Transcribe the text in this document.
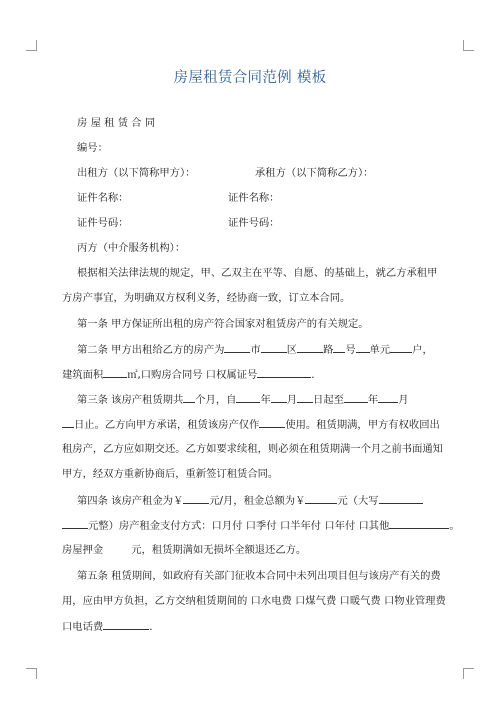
房屋租赁合同范例 模板
房 屋 租 赁 合 同
编号：
出租方（以下简称甲方）：	承租方（以下简称乙方）：
证件名称：	证件名称：
证件号码：	证件号码：
丙方（中介服务机构）：
根据相关法律法规的规定，甲、乙双主在平等、自愿、的基础上，就乙方承租甲
方房产事宜，为明确双方权利义务，经协商一致，订立本合同。
第一条 甲方保证所出租的房产符合国家对租赁房产的有关规定。
第二条 甲方出租给乙方的房产为	市	区	路 号 单元 户，
建筑面积 ㎡,口购房合同号 口权属证号	.
第三条 该房产租赁期共 个月，自 年 月 日起至 年 月
日止。乙方向甲方承诺，租赁该房产仅作	使用。租赁期满，甲方有权收回出
租房产，乙方应如期交还。乙方如要求续租，则必须在租赁期满一个月之前书面通知
甲方，经双方重新协商后，重新签订租赁合同。
第四条 该房产租金为￥	元/月，租金总额为￥	元（大写
元整）房产租金支付方式：口月付 口季付 口半年付 口年付 口其他	。
房屋押金	元，租赁期满如无损坏全额退还乙方。
第五条 租赁期间，如政府有关部门征收本合同中未列出项目但与该房产有关的费
用，应由甲方负担，乙方交纳租赁期间的 口水电费 口煤气费 口暖气费 口物业管理费
口电话费	.
